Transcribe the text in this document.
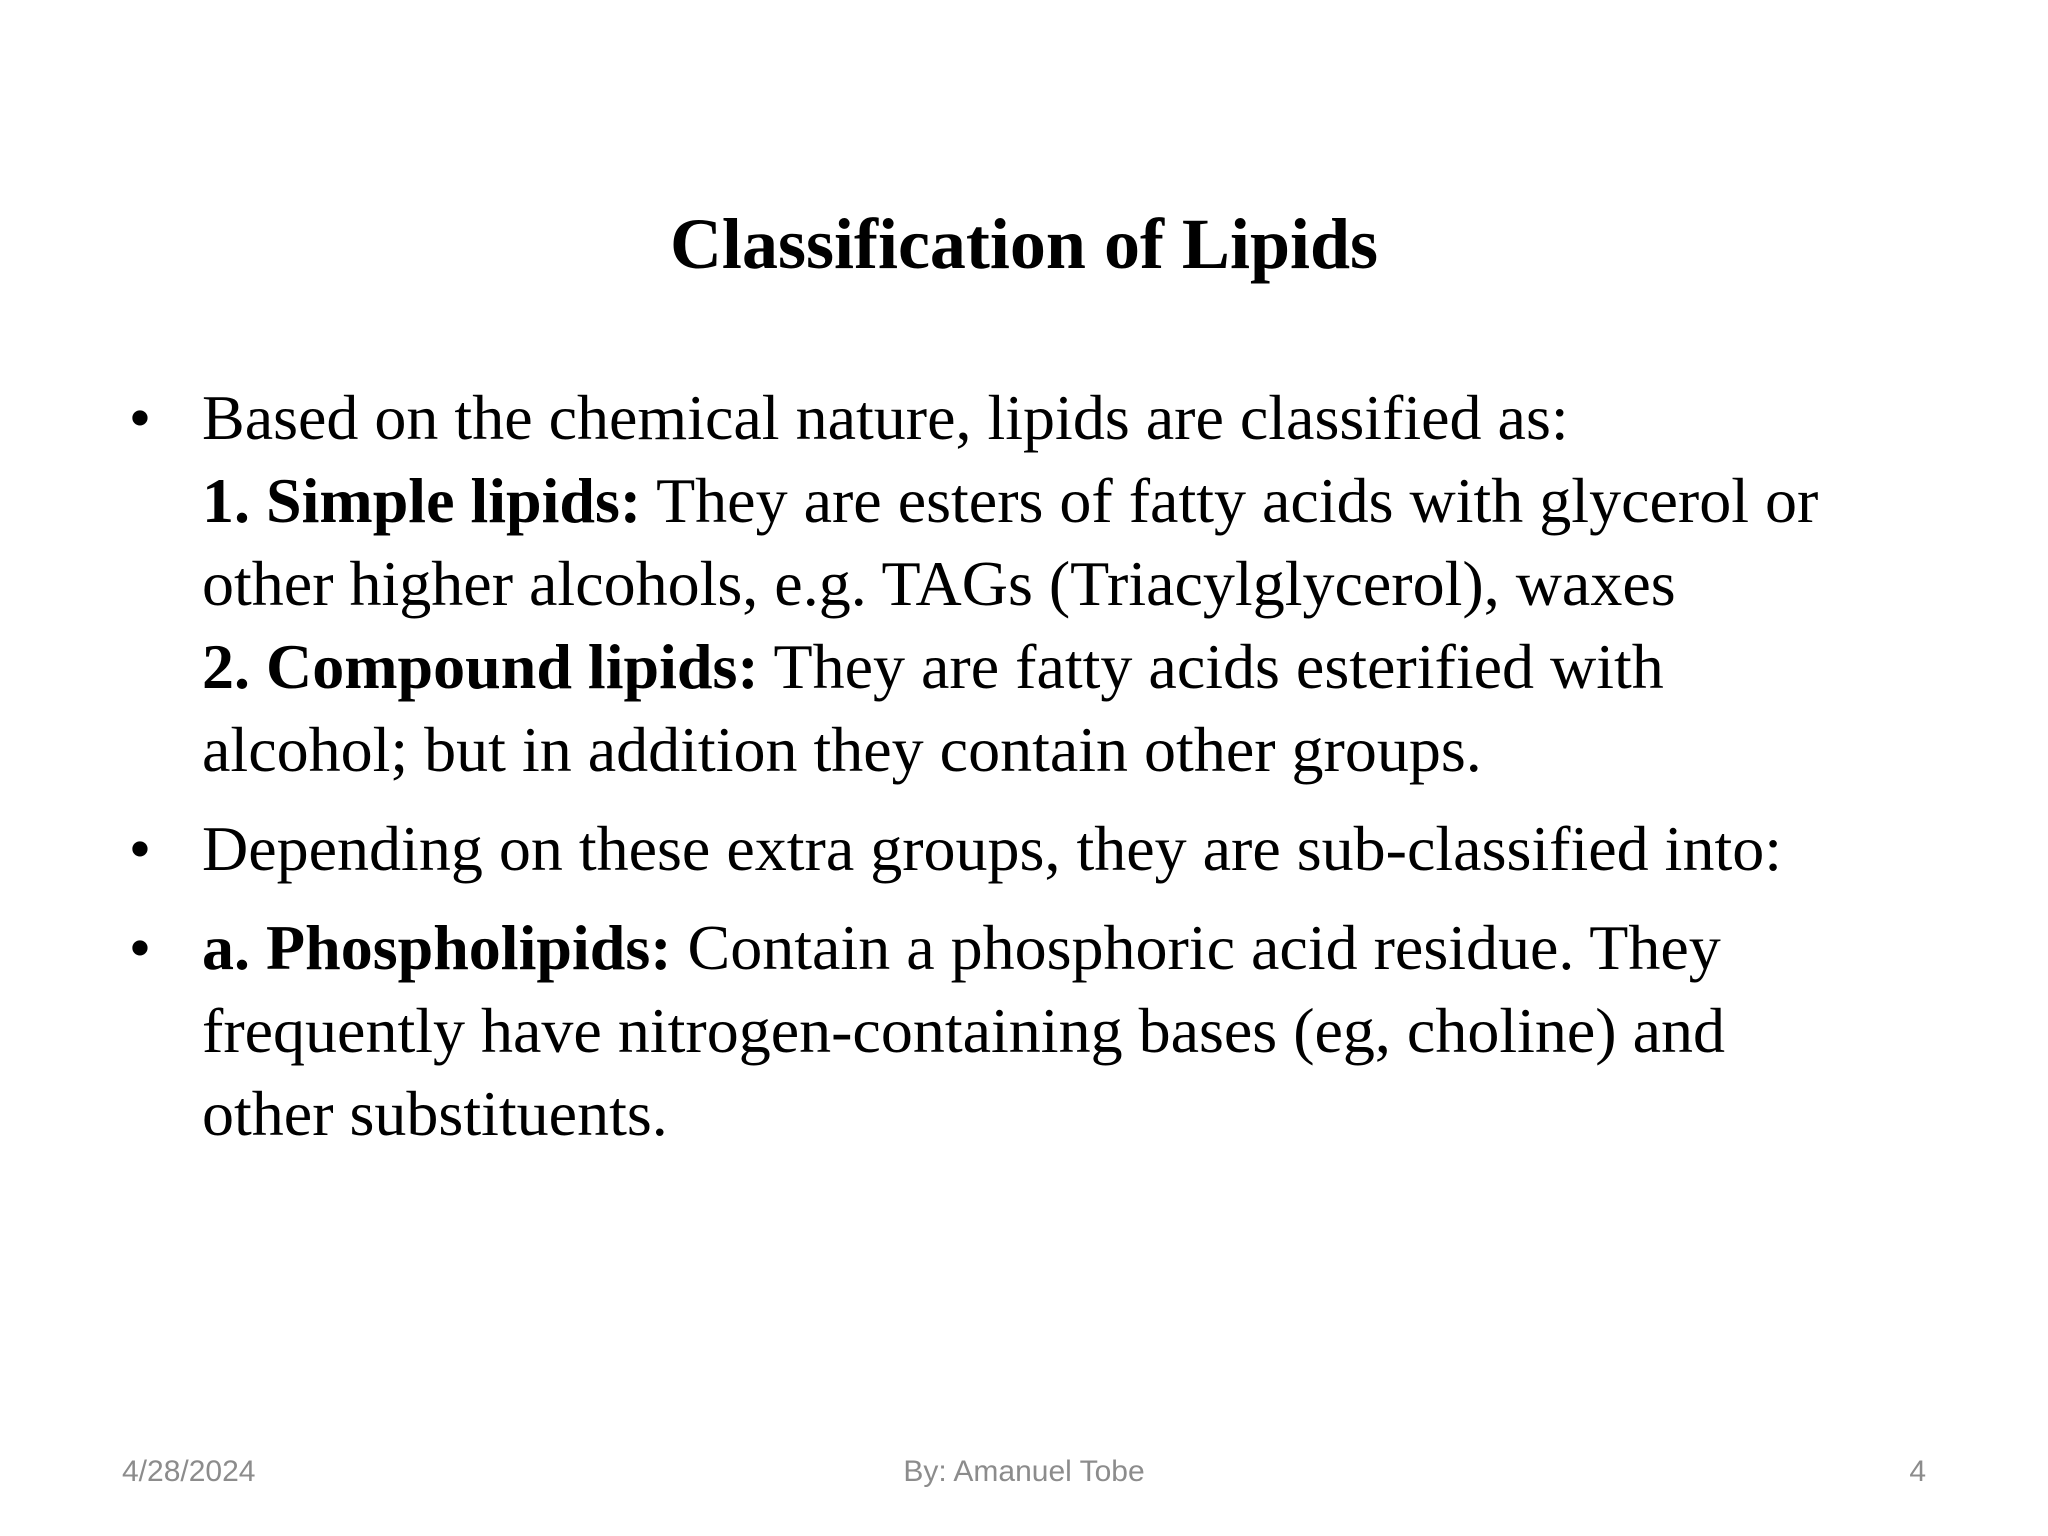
Classification of Lipids
• Based on the chemical nature, lipids are classified as:
1. Simple lipids: They are esters of fatty acids with glycerol or
other higher alcohols, e.g. TAGs (Triacylglycerol), waxes
2. Compound lipids: They are fatty acids esterified with
alcohol; but in addition they contain other groups.
• Depending on these extra groups, they are sub-classified into:
• a. Phospholipids: Contain a phosphoric acid residue. They
frequently have nitrogen-containing bases (eg, choline) and
other substituents.
By: Amanuel Tobe
4/28/2024	4
